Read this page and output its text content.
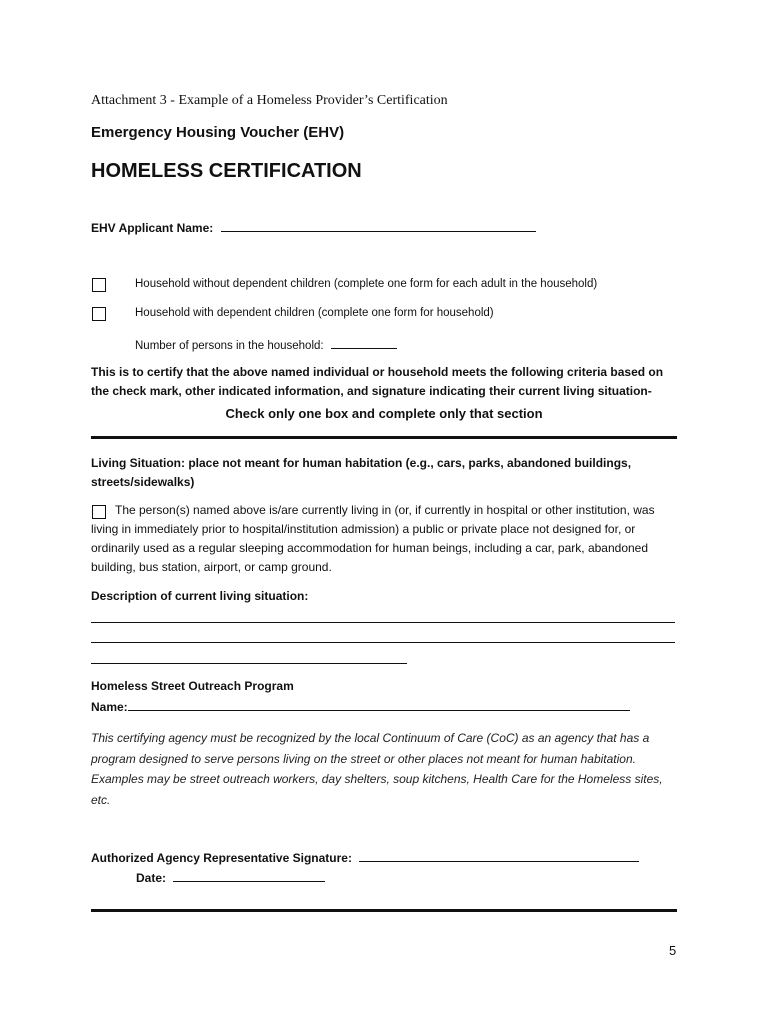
Attachment 3 - Example of a Homeless Provider’s Certification
Emergency Housing Voucher (EHV)
HOMELESS CERTIFICATION
EHV Applicant Name:
Household without dependent children (complete one form for each adult in the household)
Household with dependent children (complete one form for household)
Number of persons in the household:
This is to certify that the above named individual or household meets the following criteria based on the check mark, other indicated information, and signature indicating their current living situation-
Check only one box and complete only that section
Living Situation: place not meant for human habitation (e.g., cars, parks, abandoned buildings, streets/sidewalks)
The person(s) named above is/are currently living in (or, if currently in hospital or other institution, was living in immediately prior to hospital/institution admission) a public or private place not designed for, or ordinarily used as a regular sleeping accommodation for human beings, including a car, park, abandoned building, bus station, airport, or camp ground.
Description of current living situation:
Homeless Street Outreach Program
Name:
This certifying agency must be recognized by the local Continuum of Care (CoC) as an agency that has a program designed to serve persons living on the street or other places not meant for human habitation. Examples may be street outreach workers, day shelters, soup kitchens, Health Care for the Homeless sites, etc.
Authorized Agency Representative Signature:
Date:
5
